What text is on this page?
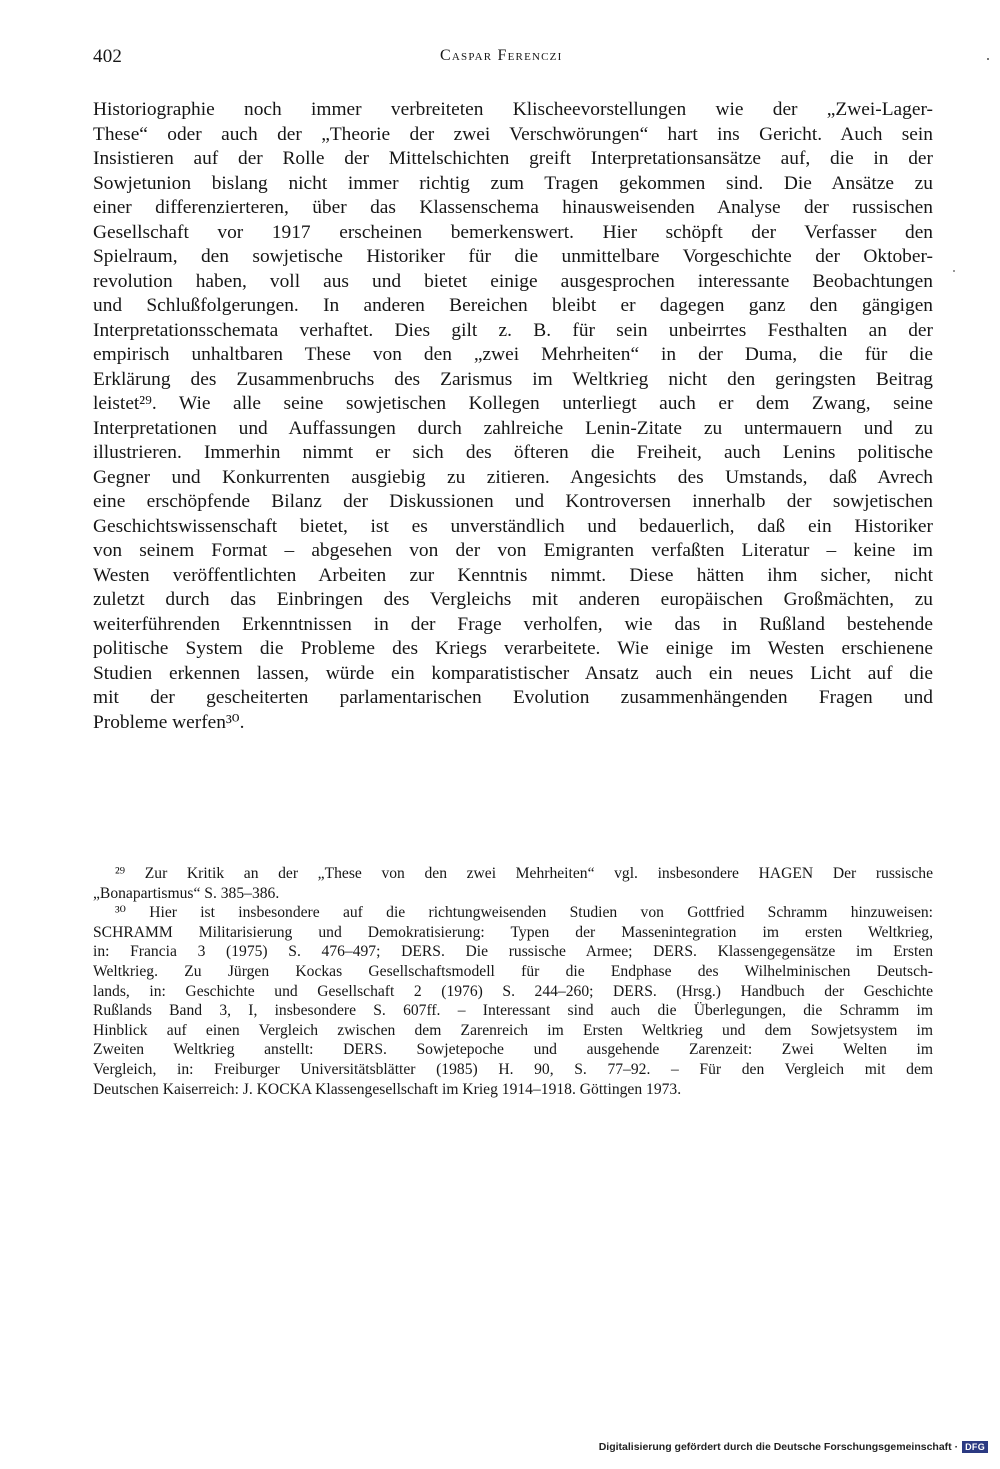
402	Caspar Ferenczi
Historiographie noch immer verbreiteten Klischeevorstellungen wie der „Zwei-Lager-
These“ oder auch der „Theorie der zwei Verschwörungen“ hart ins Gericht. Auch sein
Insistieren auf der Rolle der Mittelschichten greift Interpretationsansätze auf, die in der
Sowjetunion bislang nicht immer richtig zum Tragen gekommen sind. Die Ansätze zu
einer differenzierteren, über das Klassenschema hinausweisenden Analyse der russischen
Gesellschaft vor 1917 erscheinen bemerkenswert. Hier schöpft der Verfasser den
Spielraum, den sowjetische Historiker für die unmittelbare Vorgeschichte der Oktober-
revolution haben, voll aus und bietet einige ausgesprochen interessante Beobachtungen
und Schlußfolgerungen. In anderen Bereichen bleibt er dagegen ganz den gängigen
Interpretationsschemata verhaftet. Dies gilt z. B. für sein unbeirrtes Festhalten an der
empirisch unhaltbaren These von den „zwei Mehrheiten“ in der Duma, die für die
Erklärung des Zusammenbruchs des Zarismus im Weltkrieg nicht den geringsten Beitrag
leistet²⁹. Wie alle seine sowjetischen Kollegen unterliegt auch er dem Zwang, seine
Interpretationen und Auffassungen durch zahlreiche Lenin-Zitate zu untermauern und zu
illustrieren. Immerhin nimmt er sich des öfteren die Freiheit, auch Lenins politische
Gegner und Konkurrenten ausgiebig zu zitieren. Angesichts des Umstands, daß Avrech
eine erschöpfende Bilanz der Diskussionen und Kontroversen innerhalb der sowjetischen
Geschichtswissenschaft bietet, ist es unverständlich und bedauerlich, daß ein Historiker
von seinem Format – abgesehen von der von Emigranten verfaßten Literatur – keine im
Westen veröffentlichten Arbeiten zur Kenntnis nimmt. Diese hätten ihm sicher, nicht
zuletzt durch das Einbringen des Vergleichs mit anderen europäischen Großmächten, zu
weiterführenden Erkenntnissen in der Frage verholfen, wie das in Rußland bestehende
politische System die Probleme des Kriegs verarbeitete. Wie einige im Westen erschienene
Studien erkennen lassen, würde ein komparatistischer Ansatz auch ein neues Licht auf die
mit der gescheiterten parlamentarischen Evolution zusammenhängenden Fragen und
Probleme werfen³⁰.
²⁹ Zur Kritik an der „These von den zwei Mehrheiten“ vgl. insbesondere HAGEN Der russische
„Bonapartismus“ S. 385–386.
³⁰ Hier ist insbesondere auf die richtungweisenden Studien von Gottfried Schramm hinzuweisen:
SCHRAMM Militarisierung und Demokratisierung: Typen der Massenintegration im ersten Weltkrieg,
in: Francia 3 (1975) S. 476–497; DERS. Die russische Armee; DERS. Klassengegensätze im Ersten
Weltkrieg. Zu Jürgen Kockas Gesellschaftsmodell für die Endphase des Wilhelminischen Deutsch-
lands, in: Geschichte und Gesellschaft 2 (1976) S. 244–260; DERS. (Hrsg.) Handbuch der Geschichte
Rußlands Band 3, I, insbesondere S. 607ff. – Interessant sind auch die Überlegungen, die Schramm im
Hinblick auf einen Vergleich zwischen dem Zarenreich im Ersten Weltkrieg und dem Sowjetsystem im
Zweiten Weltkrieg anstellt: DERS. Sowjetepoche und ausgehende Zarenzeit: Zwei Welten im
Vergleich, in: Freiburger Universitätsblätter (1985) H. 90, S. 77–92. – Für den Vergleich mit dem
Deutschen Kaiserreich: J. KOCKA Klassengesellschaft im Krieg 1914–1918. Göttingen 1973.
Digitalisierung gefördert durch die Deutsche Forschungsgemeinschaft · DFG
